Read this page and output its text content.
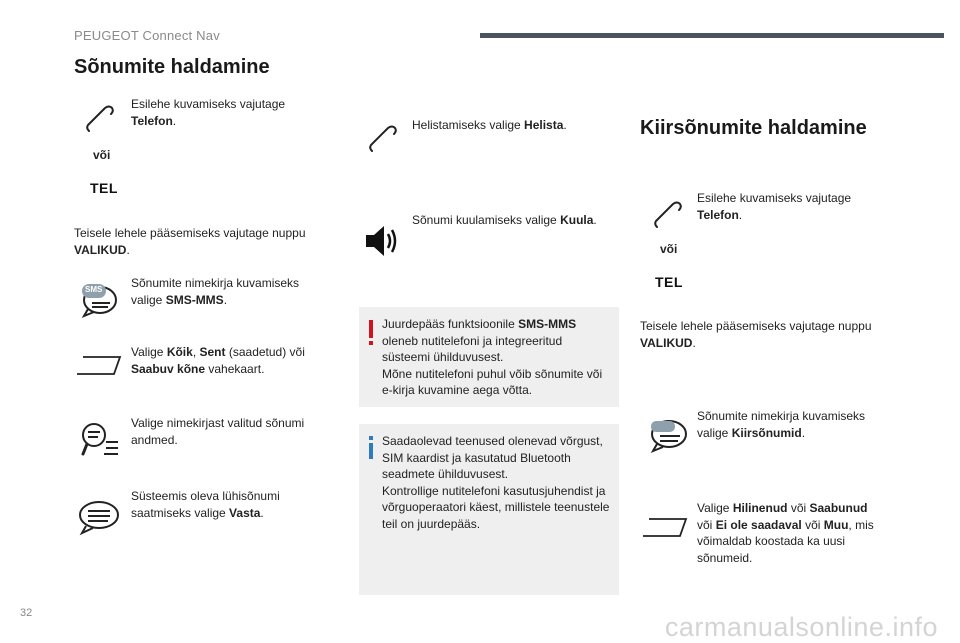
PEUGEOT Connect Nav
Sõnumite haldamine
Esilehe kuvamiseks vajutage Telefon.
või
TEL
Teisele lehele pääsemiseks vajutage nuppu VALIKUD.
SMS Sõnumite nimekirja kuvamiseks valige SMS-MMS.
Valige Kõik, Sent (saadetud) või Saabuv kõne vahekaart.
Valige nimekirjast valitud sõnumi andmed.
Süsteemis oleva lühisõnumi saatmiseks valige Vasta.
Helistamiseks valige Helista.
Sõnumi kuulamiseks valige Kuula.
Juurdepääs funktsioonile SMS-MMS oleneb nutitelefoni ja integreeritud süsteemi ühilduvusest.
Mõne nutitelefoni puhul võib sõnumite või e-kirja kuvamine aega võtta.
Saadaolevad teenused olenevad võrgust, SIM kaardist ja kasutatud Bluetooth seadmete ühilduvusest.
Kontrollige nutitelefoni kasutusjuhendist ja võrguoperaatori käest, millistele teenustele teil on juurdepääs.
Kiirsõnumite haldamine
Esilehe kuvamiseks vajutage Telefon.
või
TEL
Teisele lehele pääsemiseks vajutage nuppu VALIKUD.
Sõnumite nimekirja kuvamiseks valige Kiirsõnumid.
Valige Hilinenud või Saabunud
või Ei ole saadaval või Muu, mis võimaldab koostada ka uusi sõnumeid.
32	carmanualsonline.info
